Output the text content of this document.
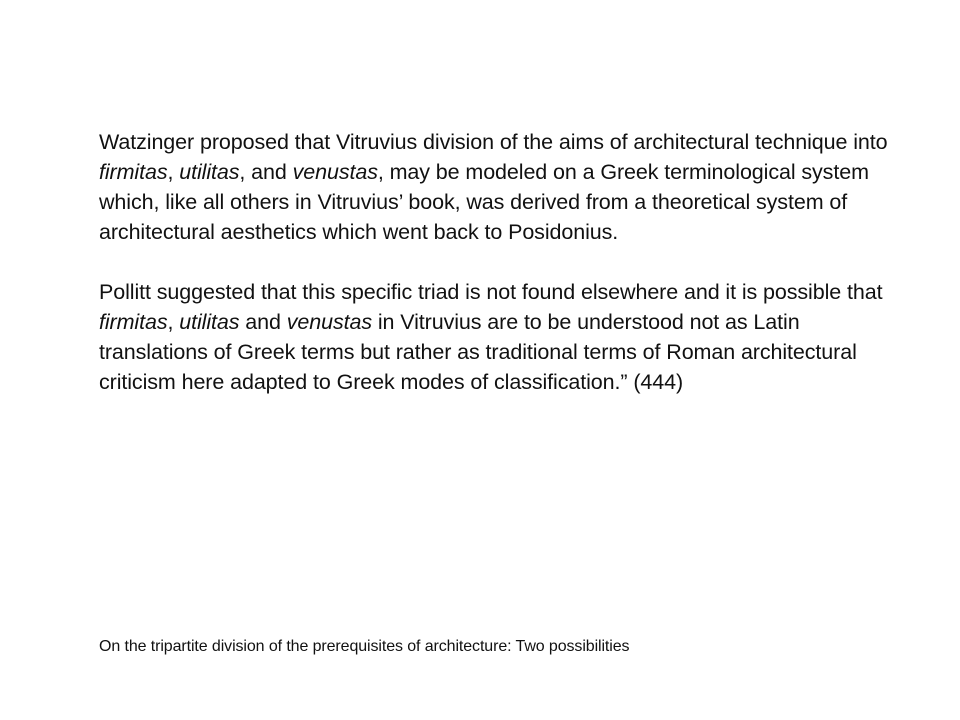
Watzinger proposed that Vitruvius division of the aims of architectural technique into firmitas, utilitas, and venustas, may be modeled on a Greek terminological system which, like all others in Vitruvius’ book, was derived from a theoretical system of architectural aesthetics which went back to Posidonius.

Pollitt suggested that this specific triad is not found elsewhere and it is possible that firmitas, utilitas and venustas in Vitruvius are to be understood not as Latin translations of Greek terms but rather as traditional terms of Roman architectural criticism here adapted to Greek modes of classification.” (444)

On the tripartite division of the prerequisites of architecture: Two possibilities
